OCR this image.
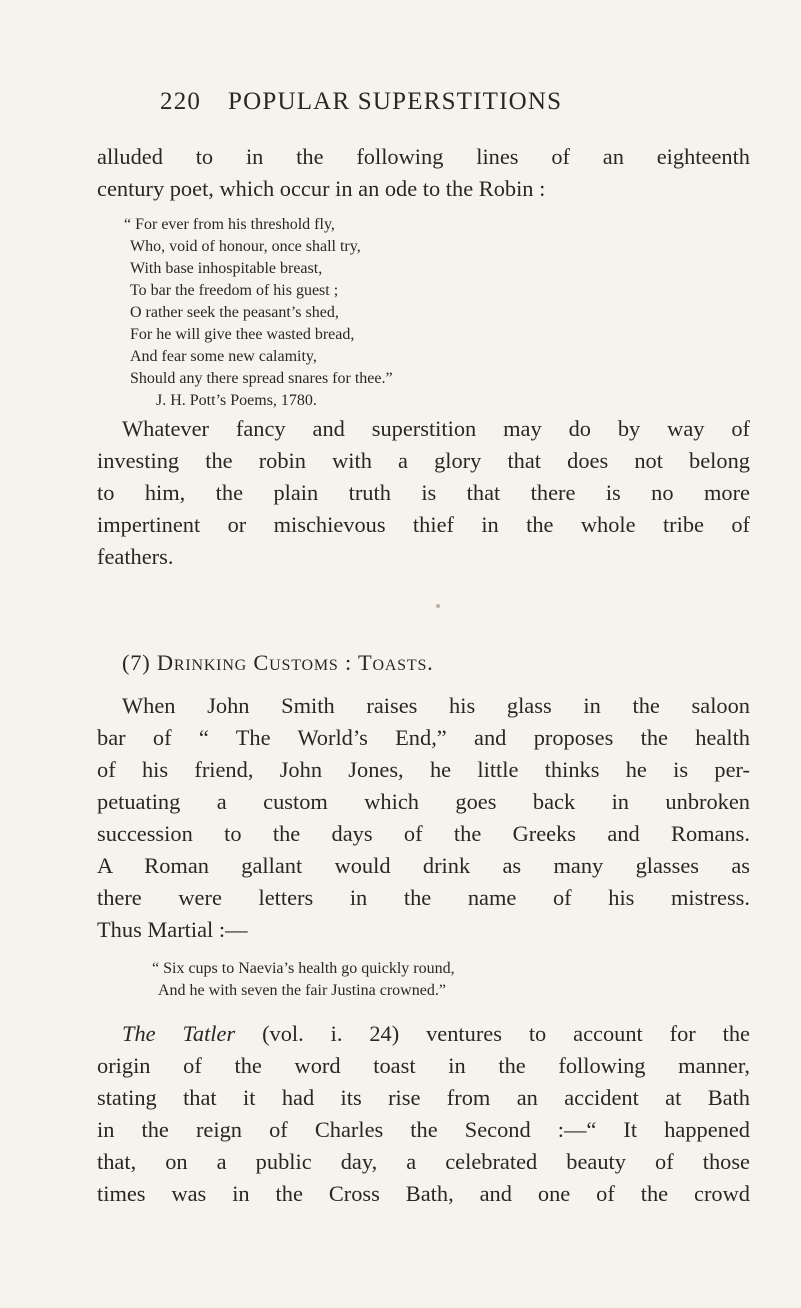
220 POPULAR SUPERSTITIONS
alluded to in the following lines of an eighteenth
century poet, which occur in an ode to the Robin :
“ For ever from his threshold fly,
Who, void of honour, once shall try,
With base inhospitable breast,
To bar the freedom of his guest ;
O rather seek the peasant’s shed,
For he will give thee wasted bread,
And fear some new calamity,
Should any there spread snares for thee.”
J. H. Pott’s Poems, 1780.
Whatever fancy and superstition may do by way of
investing the robin with a glory that does not belong
to him, the plain truth is that there is no more
impertinent or mischievous thief in the whole tribe of
feathers.
(7) Drinking Customs : Toasts.
When John Smith raises his glass in the saloon
bar of “ The World’s End,” and proposes the health
of his friend, John Jones, he little thinks he is per-
petuating a custom which goes back in unbroken
succession to the days of the Greeks and Romans.
A Roman gallant would drink as many glasses as
there were letters in the name of his mistress.
Thus Martial :—
“ Six cups to Naevia’s health go quickly round,
And he with seven the fair Justina crowned.”
The Tatler (vol. i. 24) ventures to account for the
origin of the word toast in the following manner,
stating that it had its rise from an accident at Bath
in the reign of Charles the Second :—“ It happened
that, on a public day, a celebrated beauty of those
times was in the Cross Bath, and one of the crowd
